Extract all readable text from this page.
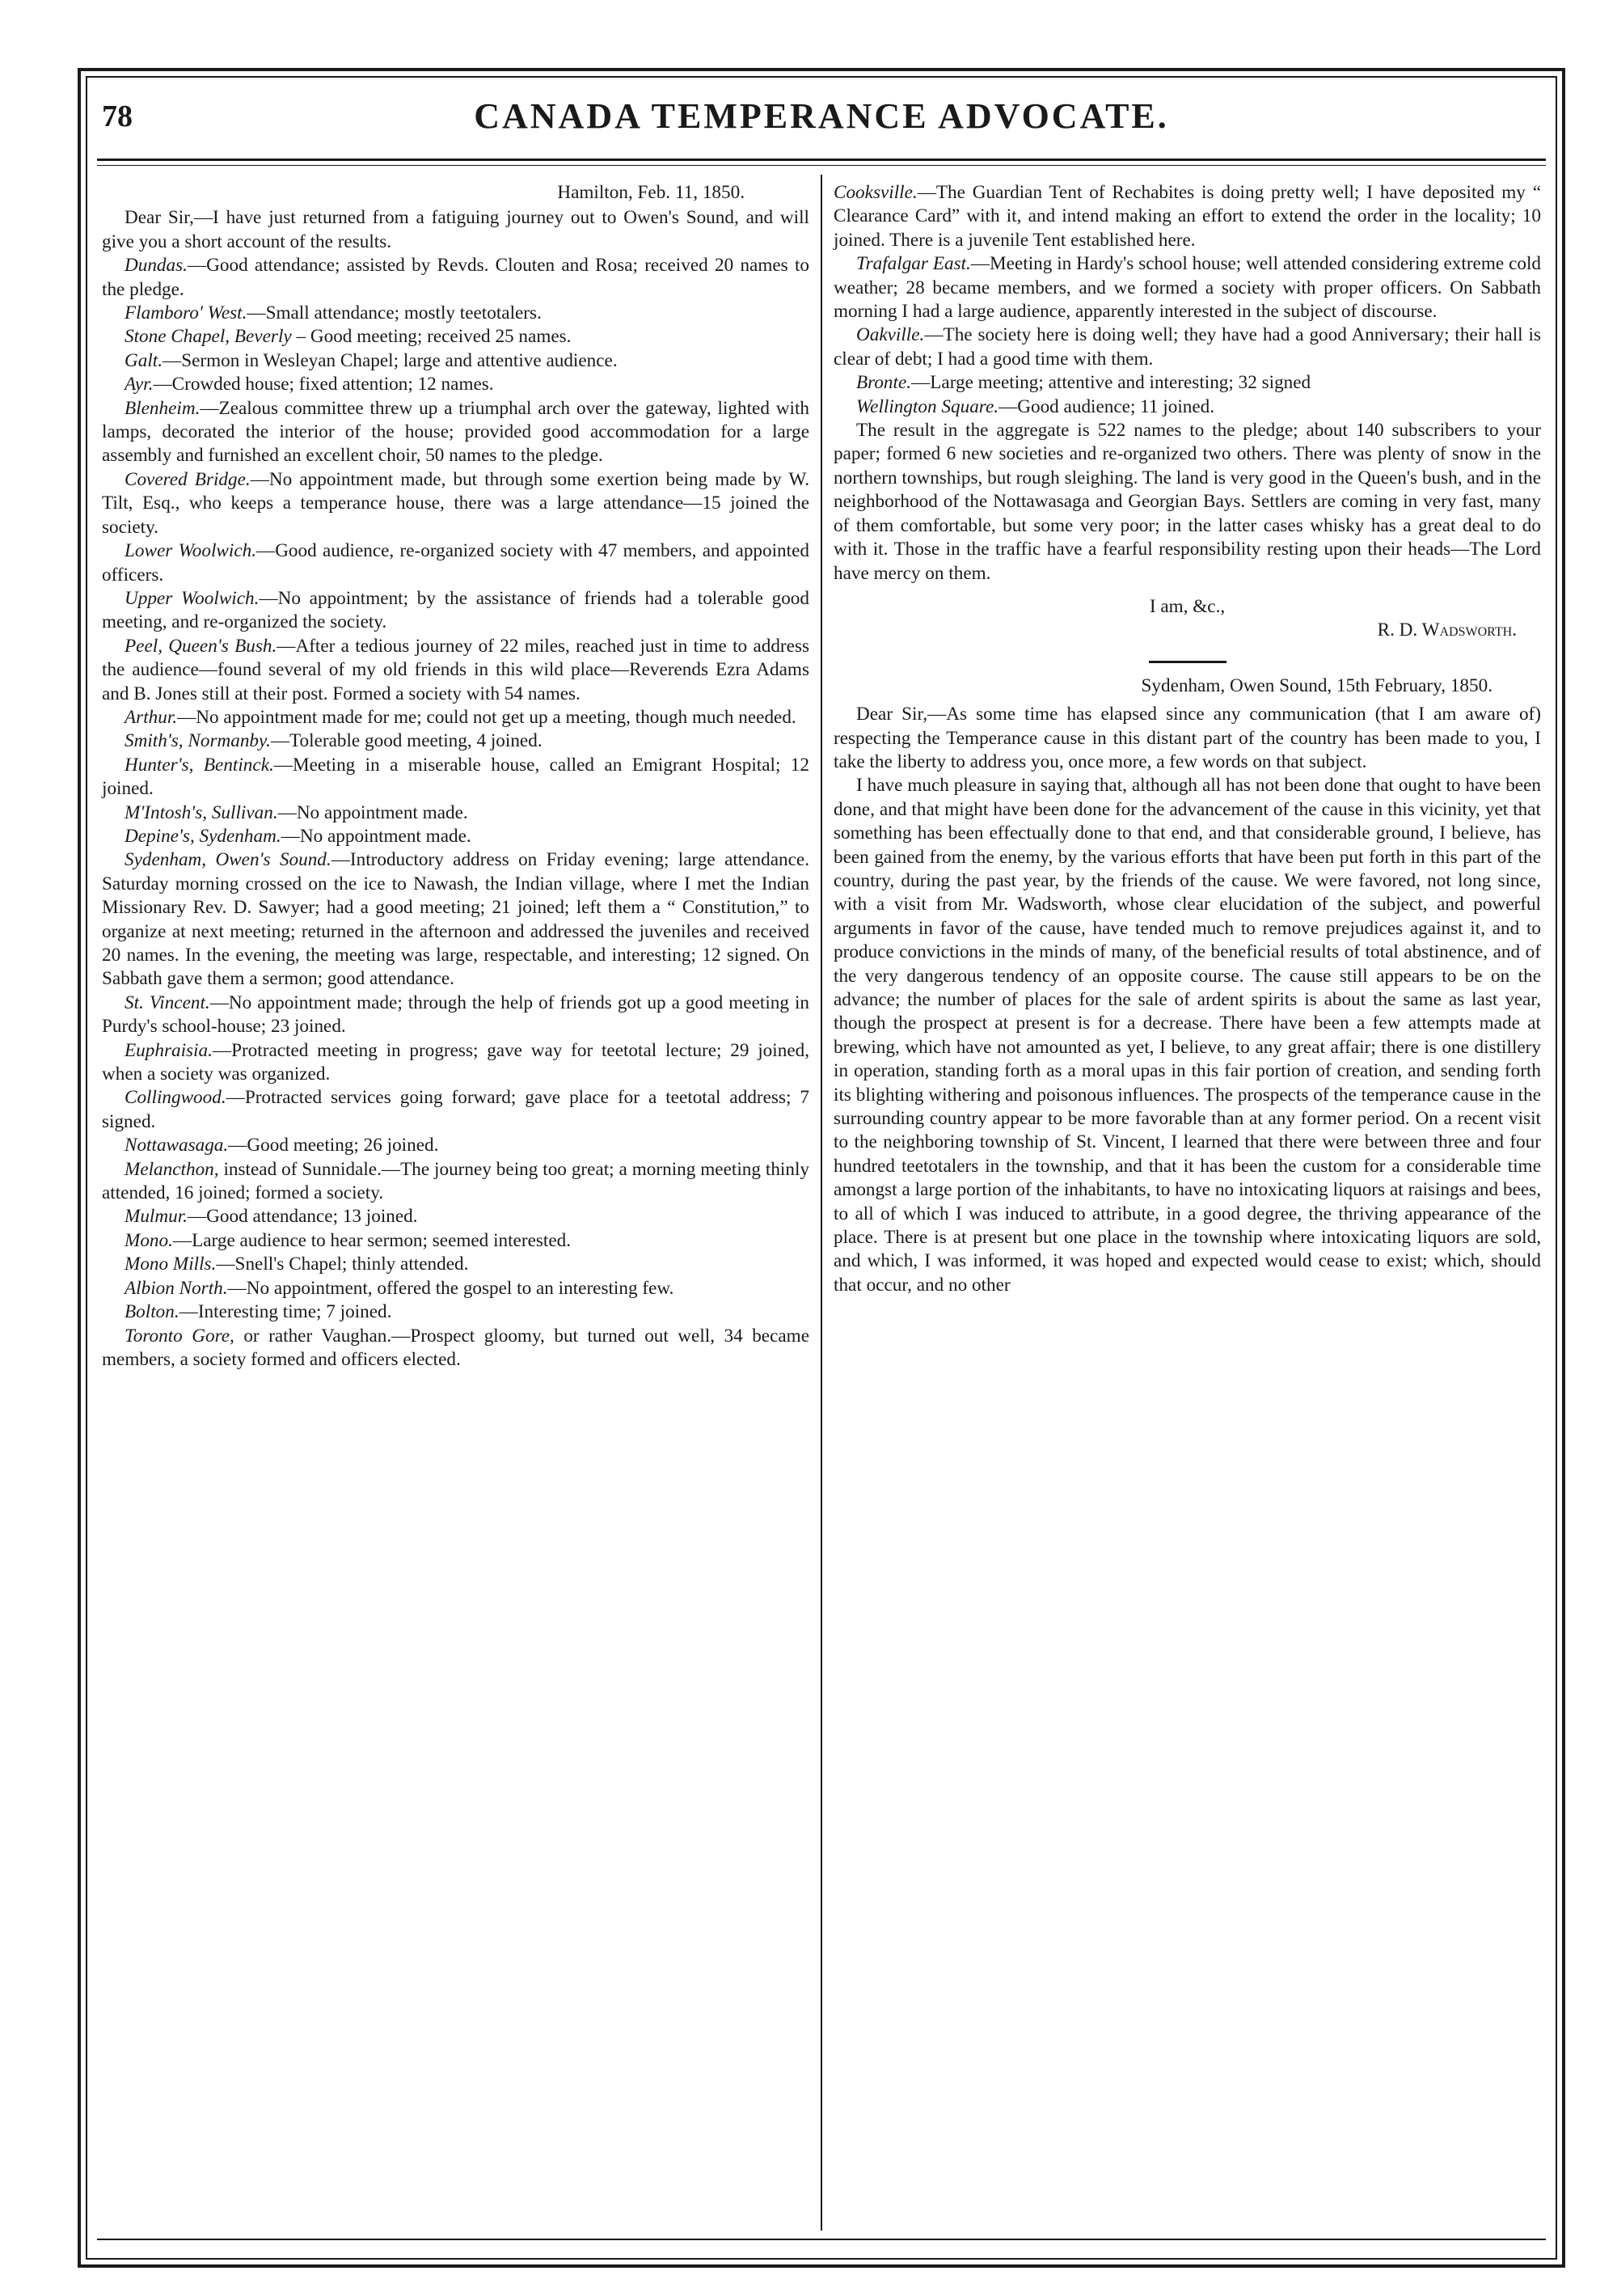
78	CANADA TEMPERANCE ADVOCATE.
Hamilton, Feb. 11, 1850.

Dear Sir,—I have just returned from a fatiguing journey out to Owen's Sound, and will give you a short account of the results.

Dundas.—Good attendance; assisted by Revds. Clouten and Rosa; received 20 names to the pledge.

Flamboro' West.—Small attendance; mostly teetotalers.

Stone Chapel, Beverly – Good meeting; received 25 names.

Galt.—Sermon in Wesleyan Chapel; large and attentive audience.

Ayr.—Crowded house; fixed attention; 12 names.

Blenheim.—Zealous committee threw up a triumphal arch over the gateway, lighted with lamps, decorated the interior of the house; provided good accommodation for a large assembly and furnished an excellent choir, 50 names to the pledge.

Covered Bridge.—No appointment made, but through some exertion being made by W. Tilt, Esq., who keeps a temperance house, there was a large attendance—15 joined the society.

Lower Woolwich.—Good audience, re-organized society with 47 members, and appointed officers.

Upper Woolwich.—No appointment; by the assistance of friends had a tolerable good meeting, and re-organized the society.

Peel, Queen's Bush.—After a tedious journey of 22 miles, reached just in time to address the audience—found several of my old friends in this wild place—Reverends Ezra Adams and B. Jones still at their post. Formed a society with 54 names.

Arthur.—No appointment made for me; could not get up a meeting, though much needed.

Smith's, Normanby.—Tolerable good meeting, 4 joined.

Hunter's, Bentinck.—Meeting in a miserable house, called an Emigrant Hospital; 12 joined.

M'Intosh's, Sullivan.—No appointment made.

Depine's, Sydenham.—No appointment made.

Sydenham, Owen's Sound.—Introductory address on Friday evening; large attendance. Saturday morning crossed on the ice to Nawash, the Indian village, where I met the Indian Missionary Rev. D. Sawyer; had a good meeting; 21 joined; left them a “ Constitution,” to organize at next meeting; returned in the afternoon and addressed the juveniles and received 20 names. In the evening, the meeting was large, respectable, and interesting; 12 signed. On Sabbath gave them a sermon; good attendance.

St. Vincent.—No appointment made; through the help of friends got up a good meeting in Purdy's school-house; 23 joined.

Euphraisia.—Protracted meeting in progress; gave way for teetotal lecture; 29 joined, when a society was organized.

Collingwood.—Protracted services going forward; gave place for a teetotal address; 7 signed.

Nottawasaga.—Good meeting; 26 joined.

Melancthon, instead of Sunnidale.—The journey being too great; a morning meeting thinly attended, 16 joined; formed a society.

Mulmur.—Good attendance; 13 joined.

Mono.—Large audience to hear sermon; seemed interested.

Mono Mills.—Snell's Chapel; thinly attended.

Albion North.—No appointment, offered the gospel to an interesting few.

Bolton.—Interesting time; 7 joined.

Toronto Gore, or rather Vaughan.—Prospect gloomy, but turned out well, 34 became members, a society formed and officers elected.

Cooksville.—The Guardian Tent of Rechabites is doing pretty well; I have deposited my “ Clearance Card” with it, and intend making an effort to extend the order in the locality; 10 joined. There is a juvenile Tent established here.

Trafalgar East.—Meeting in Hardy's school house; well attended considering extreme cold weather; 28 became members, and we formed a society with proper officers. On Sabbath morning I had a large audience, apparently interested in the subject of discourse.

Oakville.—The society here is doing well; they have had a good Anniversary; their hall is clear of debt; I had a good time with them.

Bronte.—Large meeting; attentive and interesting; 32 signed

Wellington Square.—Good audience; 11 joined.

The result in the aggregate is 522 names to the pledge; about 140 subscribers to your paper; formed 6 new societies and re-organized two others. There was plenty of snow in the northern townships, but rough sleighing. The land is very good in the Queen's bush, and in the neighborhood of the Nottawasaga and Georgian Bays. Settlers are coming in very fast, many of them comfortable, but some very poor; in the latter cases whisky has a great deal to do with it. Those in the traffic have a fearful responsibility resting upon their heads—The Lord have mercy on them.

I am, &c.,
R. D. Wadsworth.
Sydenham, Owen Sound, 15th February, 1850.

Dear Sir,—As some time has elapsed since any communication (that I am aware of) respecting the Temperance cause in this distant part of the country has been made to you, I take the liberty to address you, once more, a few words on that subject.

I have much pleasure in saying that, although all has not been done that ought to have been done, and that might have been done for the advancement of the cause in this vicinity, yet that something has been effectually done to that end, and that considerable ground, I believe, has been gained from the enemy, by the various efforts that have been put forth in this part of the country, during the past year, by the friends of the cause. We were favored, not long since, with a visit from Mr. Wadsworth, whose clear elucidation of the subject, and powerful arguments in favor of the cause, have tended much to remove prejudices against it, and to produce convictions in the minds of many, of the beneficial results of total abstinence, and of the very dangerous tendency of an opposite course. The cause still appears to be on the advance; the number of places for the sale of ardent spirits is about the same as last year, though the prospect at present is for a decrease. There have been a few attempts made at brewing, which have not amounted as yet, I believe, to any great affair; there is one distillery in operation, standing forth as a moral upas in this fair portion of creation, and sending forth its blighting withering and poisonous influences. The prospects of the temperance cause in the surrounding country appear to be more favorable than at any former period. On a recent visit to the neighboring township of St. Vincent, I learned that there were between three and four hundred teetotalers in the township, and that it has been the custom for a considerable time amongst a large portion of the inhabitants, to have no intoxicating liquors at raisings and bees, to all of which I was induced to attribute, in a good degree, the thriving appearance of the place. There is at present but one place in the township where intoxicating liquors are sold, and which, I was informed, it was hoped and expected would cease to exist; which, should that occur, and no other
